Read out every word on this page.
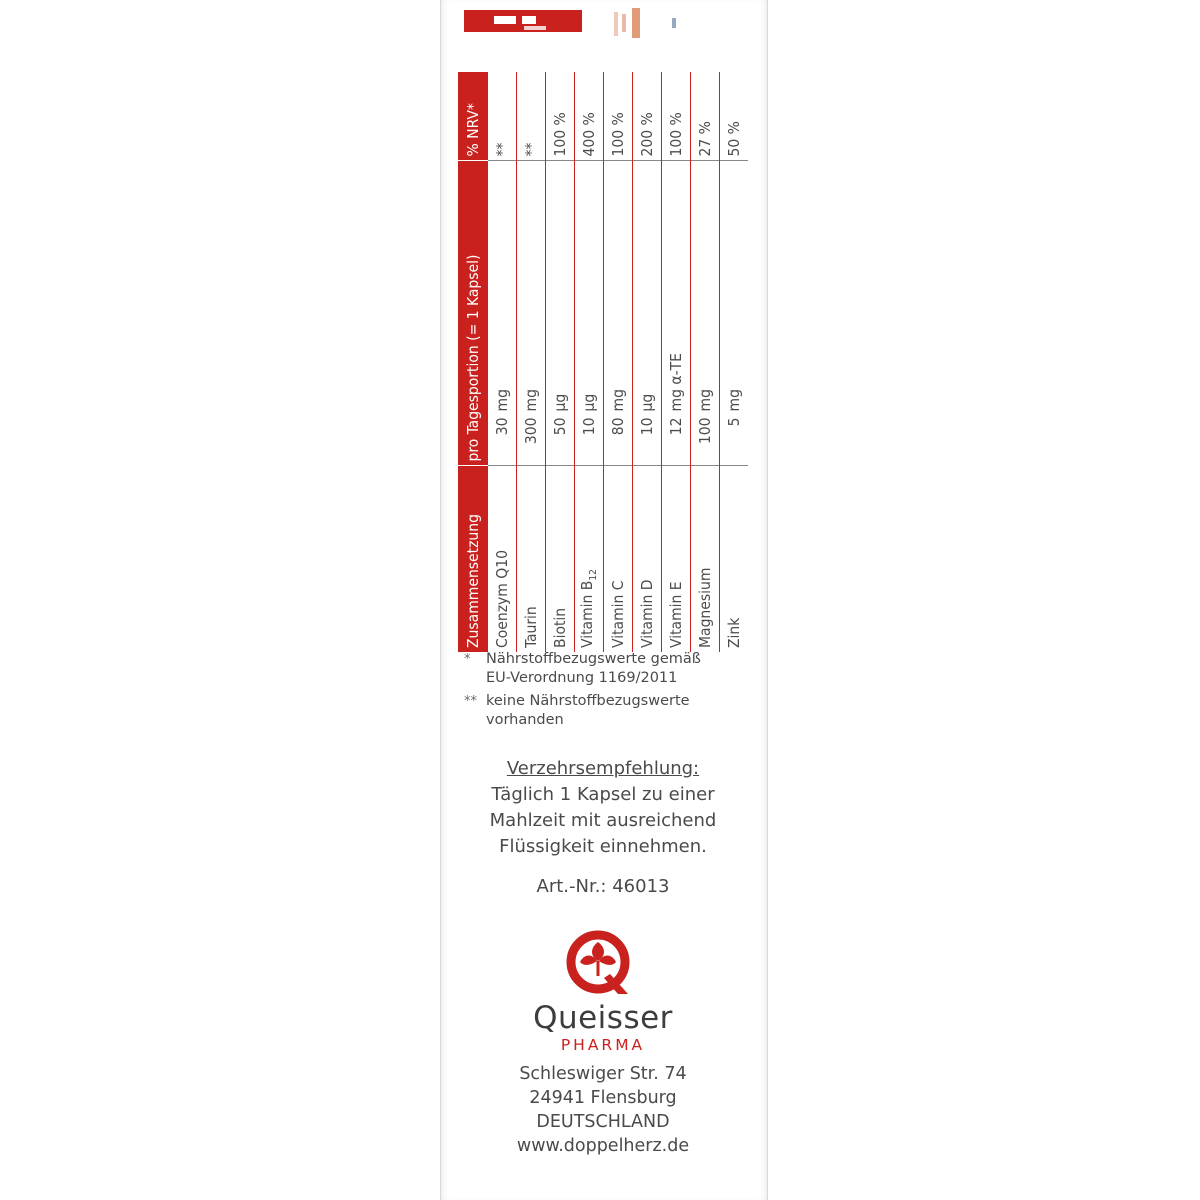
Zusammensetzung	pro Tagesportion (= 1 Kapsel)	% NRV*
Coenzym Q10	30mg	**
Taurin	300mg	**
Biotin	50µg	100 %
Vitamin $B_{12}$	10µg	400 %
Vitamin C	80mg	100 %
Vitamin D	10µg	200 %
Vitamin E	12mg α-TE	100 %
Magnesium	100mg	27 %
Zink	5mg	50 %
*	Nährstoffbezugswerte gemäß
EU-Verordnung 1169/2011
** keine Nährstoffbezugswerte
vorhanden
Verzehrsempfehlung:
Täglich 1 Kapsel zu einer
Mahlzeit mit ausreichend
Flüssigkeit einnehmen.
Art.-Nr.: 46013
Queisser
PHARMA
Schleswiger Str. 74
24941 Flensburg
DEUTSCHLAND
www.doppelherz.de
